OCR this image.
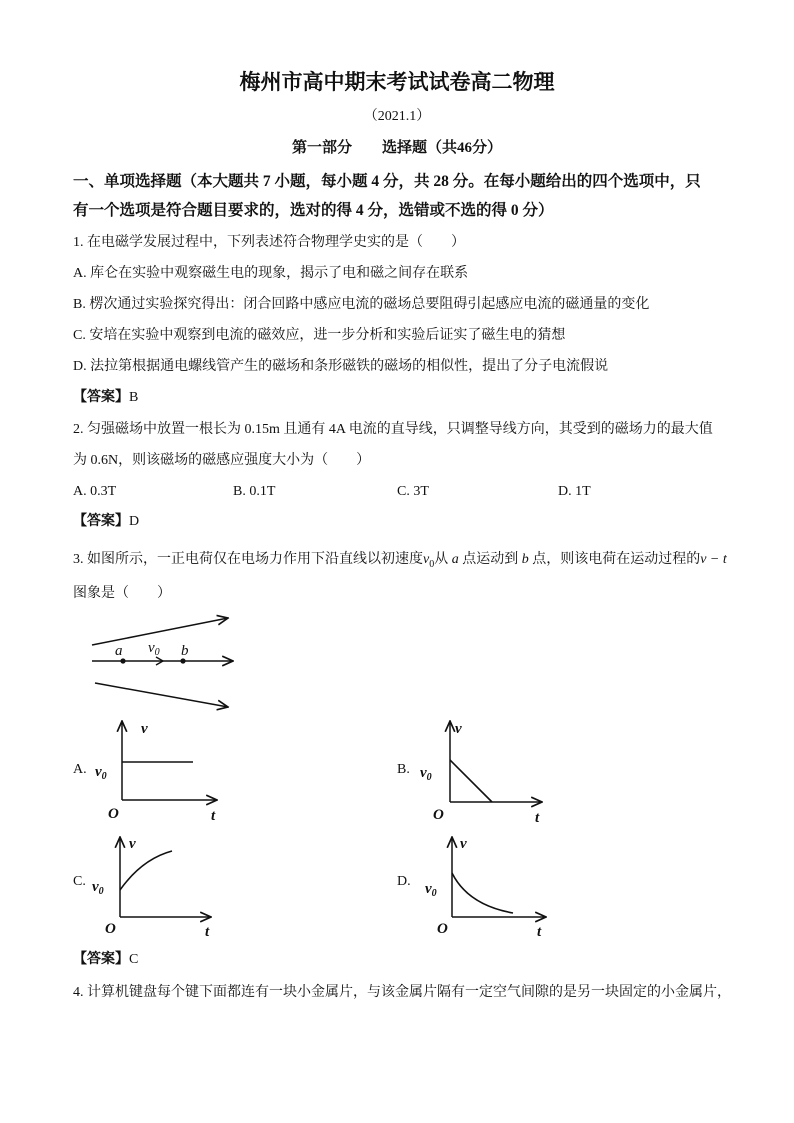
梅州市高中期末考试试卷高二物理
（2021.1）
第一部分　　选择题（共46分）
一、单项选择题（本大题共 7 小题，每小题 4 分，共 28 分。在每小题给出的四个选项中，只
有一个选项是符合题目要求的，选对的得 4 分，选错或不选的得 0 分）
1. 在电磁学发展过程中，下列表述符合物理学史实的是（　　）
A. 库仑在实验中观察磁生电的现象，揭示了电和磁之间存在联系
B. 楞次通过实验探究得出：闭合回路中感应电流的磁场总要阻碍引起感应电流的磁通量的变化
C. 安培在实验中观察到电流的磁效应，进一步分析和实验后证实了磁生电的猜想
D. 法拉第根据通电螺线管产生的磁场和条形磁铁的磁场的相似性，提出了分子电流假说
【答案】B
2. 匀强磁场中放置一根长为 0.15m 且通有 4A 电流的直导线，只调整导线方向，其受到的磁场力的最大值
为 0.6N，则该磁场的磁感应强度大小为（　　）
A. 0.3T	B. 0.1T	C. 3T	D. 1T
【答案】D
3. 如图所示，一正电荷仅在电场力作用下沿直线以初速度$v_0$从 a 点运动到 b 点，则该电荷在运动过程的v − t
图象是（　　）
A.	B.
C.	D.
a $v_0$ b
v
$v_0$
O	t
v
$v_0$
O	t
v
$v_0$
O	t
v
$v_0$
O	t
【答案】C
4. 计算机键盘每个键下面都连有一块小金属片，与该金属片隔有一定空气间隙的是另一块固定的小金属片，
